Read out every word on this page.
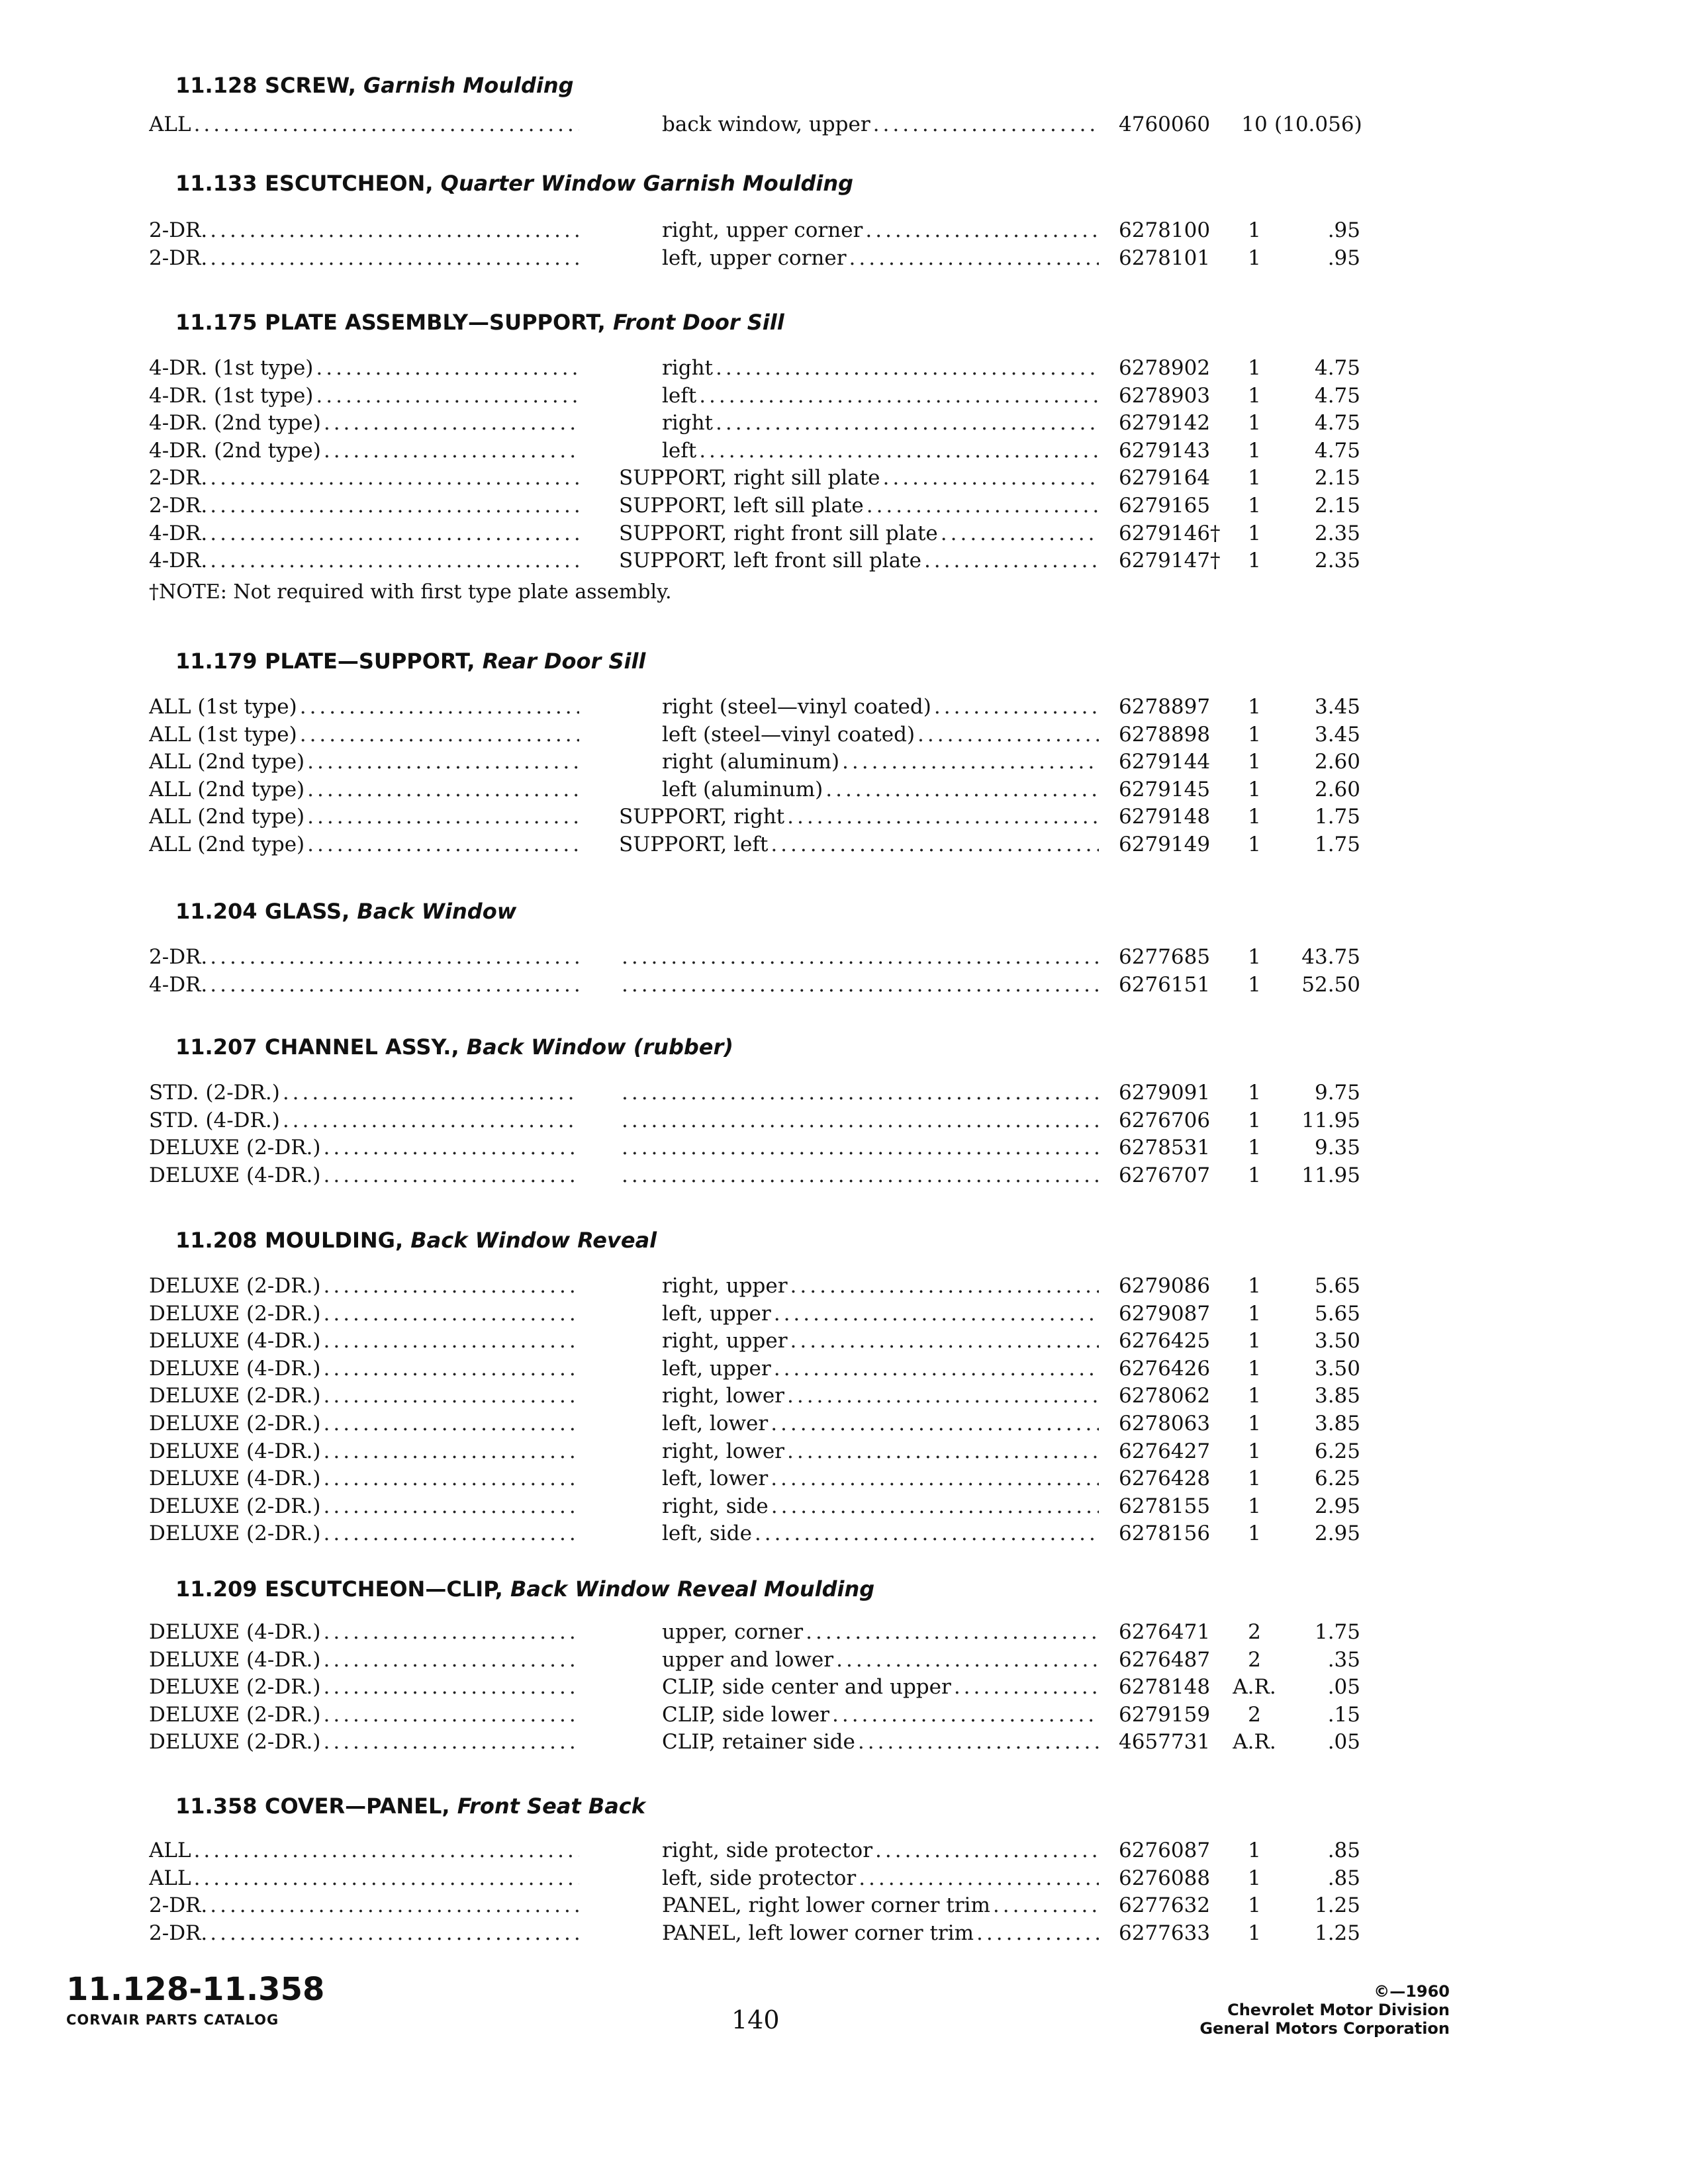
11.128 SCREW, Garnish Moulding
ALL .....	back window, upper .....	4760060	10 (10.056)
11.133 ESCUTCHEON, Quarter Window Garnish Moulding
2-DR. .....	right, upper corner .....	6278100	1	.95
2-DR. .....	left, upper corner .....	6278101	1	.95
11.175 PLATE ASSEMBLY—SUPPORT, Front Door Sill
4-DR. (1st type) .....	right .....	6278902	1	4.75
4-DR. (1st type) .....	left .....	6278903	1	4.75
4-DR. (2nd type) .....	right .....	6279142	1	4.75
4-DR. (2nd type) .....	left .....	6279143	1	4.75
2-DR. .....	SUPPORT, right sill plate .....	6279164	1	2.15
2-DR. .....	SUPPORT, left sill plate .....	6279165	1	2.15
4-DR. .....	SUPPORT, right front sill plate .....	6279146†	1	2.35
4-DR. .....	SUPPORT, left front sill plate .....	6279147†	1	2.35
†NOTE: Not required with first type plate assembly.
11.179 PLATE—SUPPORT, Rear Door Sill
ALL (1st type) .....	right (steel—vinyl coated) .....	6278897	1	3.45
ALL (1st type) .....	left (steel—vinyl coated) .....	6278898	1	3.45
ALL (2nd type) .....	right (aluminum) .....	6279144	1	2.60
ALL (2nd type) .....	left (aluminum) .....	6279145	1	2.60
ALL (2nd type) .....	SUPPORT, right .....	6279148	1	1.75
ALL (2nd type) .....	SUPPORT, left .....	6279149	1	1.75
11.204 GLASS, Back Window
2-DR. ..... .....	6277685	1	43.75
4-DR. ..... .....	6276151	1	52.50
11.207 CHANNEL ASSY., Back Window (rubber)
STD. (2-DR.) ..... .....	6279091	1	9.75
STD. (4-DR.) ..... .....	6276706	1	11.95
DELUXE (2-DR.) ..... .....	6278531	1	9.35
DELUXE (4-DR.) ..... .....	6276707	1	11.95
11.208 MOULDING, Back Window Reveal
DELUXE (2-DR.) .....	right, upper .....	6279086	1	5.65
DELUXE (2-DR.) .....	left, upper .....	6279087	1	5.65
DELUXE (4-DR.) .....	right, upper .....	6276425	1	3.50
DELUXE (4-DR.) .....	left, upper .....	6276426	1	3.50
DELUXE (2-DR.) .....	right, lower .....	6278062	1	3.85
DELUXE (2-DR.) .....	left, lower .....	6278063	1	3.85
DELUXE (4-DR.) .....	right, lower .....	6276427	1	6.25
DELUXE (4-DR.) .....	left, lower .....	6276428	1	6.25
DELUXE (2-DR.) .....	right, side .....	6278155	1	2.95
DELUXE (2-DR.) .....	left, side .....	6278156	1	2.95
11.209 ESCUTCHEON—CLIP, Back Window Reveal Moulding
DELUXE (4-DR.) .....	upper, corner .....	6276471	2	1.75
DELUXE (4-DR.) .....	upper and lower .....	6276487	2	.35
DELUXE (2-DR.) .....	CLIP, side center and upper .....	6278148 A.R.	.05
DELUXE (2-DR.) .....	CLIP, side lower .....	6279159	2	.15
DELUXE (2-DR.) .....	CLIP, retainer side .....	4657731 A.R.	.05
11.358 COVER—PANEL, Front Seat Back
ALL .....	right, side protector .....	6276087	1	.85
ALL .....	left, side protector .....	6276088	1	.85
2-DR. .....	PANEL, right lower corner trim .....	6277632	1	1.25
2-DR. .....	PANEL, left lower corner trim .....	6277633	1	1.25
11.128-11.358
CORVAIR PARTS CATALOG	140
©—1960
Chevrolet Motor Division
General Motors Corporation
